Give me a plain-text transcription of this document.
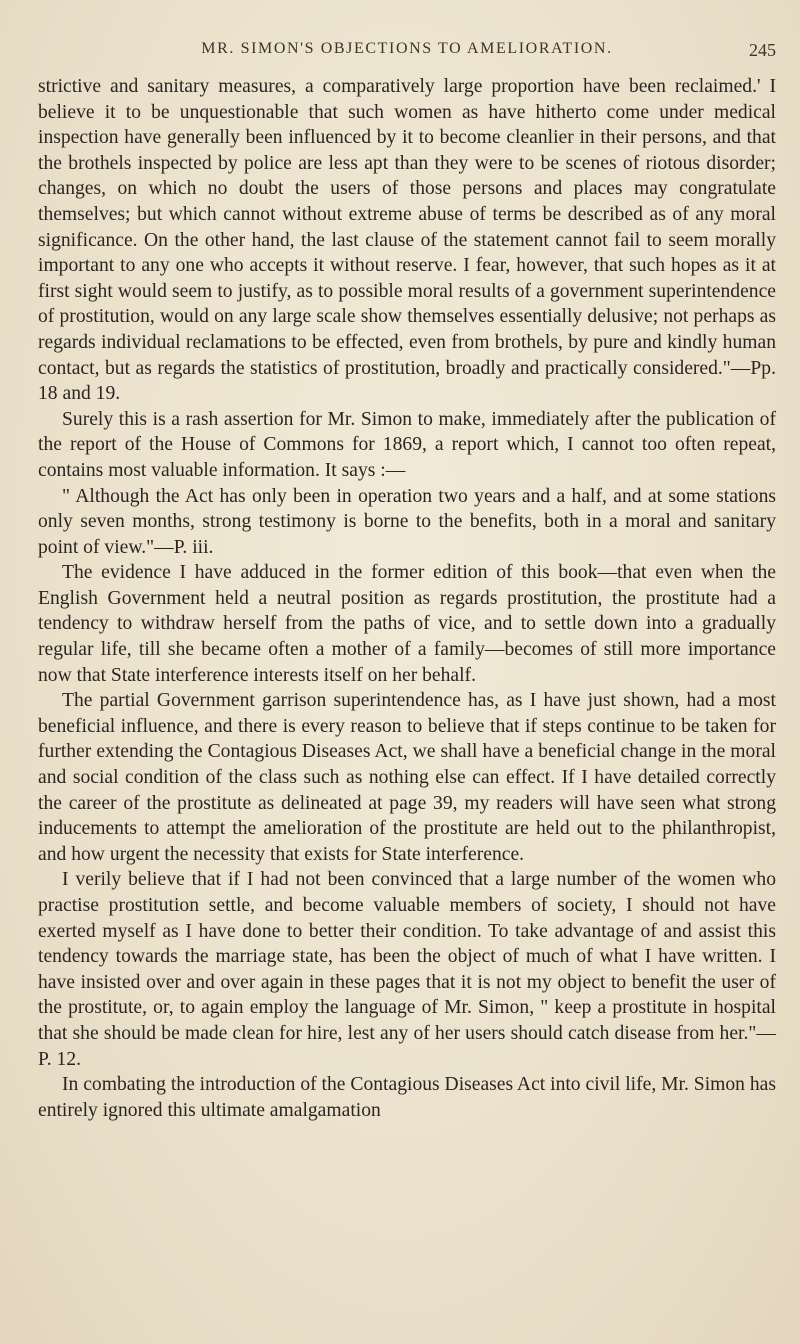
MR. SIMON'S OBJECTIONS TO AMELIORATION.	245

strictive and sanitary measures, a comparatively large proportion have been reclaimed.' I believe it to be unquestionable that such women as have hitherto come under medical inspection have generally been influenced by it to become cleanlier in their persons, and that the brothels inspected by police are less apt than they were to be scenes of riotous disorder; changes, on which no doubt the users of those persons and places may congratulate themselves; but which cannot without extreme abuse of terms be described as of any moral significance. On the other hand, the last clause of the statement cannot fail to seem morally important to any one who accepts it without reserve. I fear, however, that such hopes as it at first sight would seem to justify, as to possible moral results of a government superintendence of prostitution, would on any large scale show themselves essentially delusive; not perhaps as regards individual reclamations to be effected, even from brothels, by pure and kindly human contact, but as regards the statistics of prostitution, broadly and practically considered."—Pp. 18 and 19.

Surely this is a rash assertion for Mr. Simon to make, immediately after the publication of the report of the House of Commons for 1869, a report which, I cannot too often repeat, contains most valuable information. It says :—

" Although the Act has only been in operation two years and a half, and at some stations only seven months, strong testimony is borne to the benefits, both in a moral and sanitary point of view."—P. iii.

The evidence I have adduced in the former edition of this book—that even when the English Government held a neutral position as regards prostitution, the prostitute had a tendency to withdraw herself from the paths of vice, and to settle down into a gradually regular life, till she became often a mother of a family—becomes of still more importance now that State interference interests itself on her behalf.

The partial Government garrison superintendence has, as I have just shown, had a most beneficial influence, and there is every reason to believe that if steps continue to be taken for further extending the Contagious Diseases Act, we shall have a beneficial change in the moral and social condition of the class such as nothing else can effect. If I have detailed correctly the career of the prostitute as delineated at page 39, my readers will have seen what strong inducements to attempt the amelioration of the prostitute are held out to the philanthropist, and how urgent the necessity that exists for State interference.

I verily believe that if I had not been convinced that a large number of the women who practise prostitution settle, and become valuable members of society, I should not have exerted myself as I have done to better their condition. To take advantage of and assist this tendency towards the marriage state, has been the object of much of what I have written. I have insisted over and over again in these pages that it is not my object to benefit the user of the prostitute, or, to again employ the language of Mr. Simon, " keep a prostitute in hospital that she should be made clean for hire, lest any of her users should catch disease from her."—P. 12.

In combating the introduction of the Contagious Diseases Act into civil life, Mr. Simon has entirely ignored this ultimate amalgamation
